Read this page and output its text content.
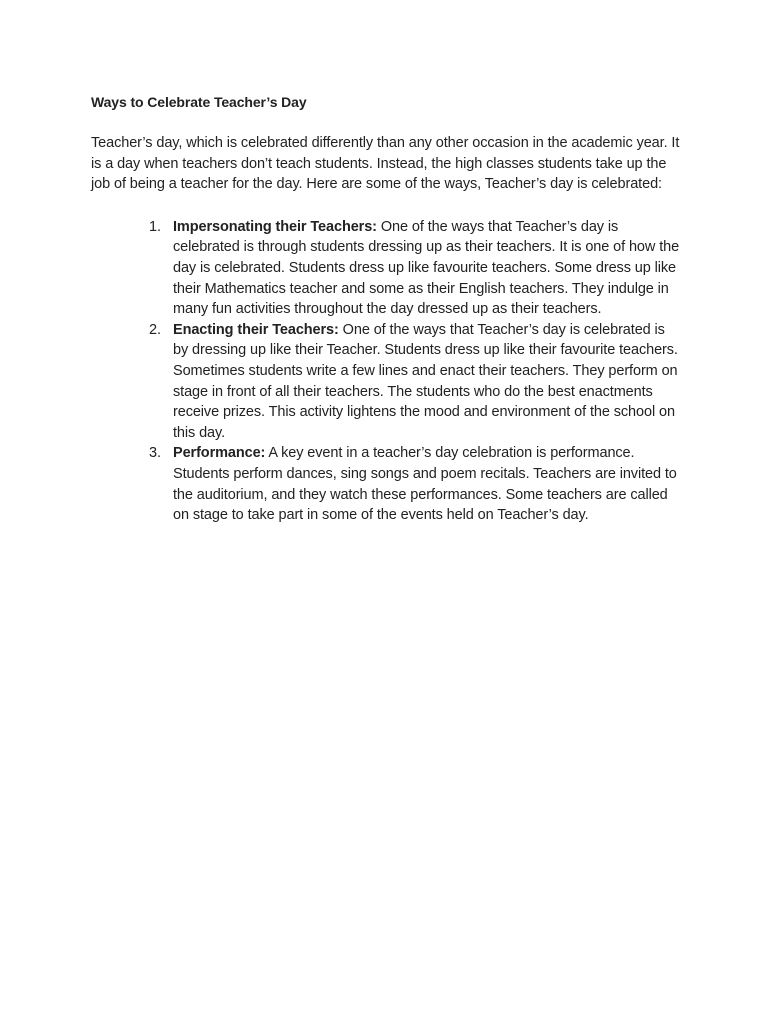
Ways to Celebrate Teacher’s Day

Teacher’s day, which is celebrated differently than any other occasion in the academic year. It is a day when teachers don’t teach students. Instead, the high classes students take up the job of being a teacher for the day. Here are some of the ways, Teacher’s day is celebrated:

1. Impersonating their Teachers: One of the ways that Teacher’s day is celebrated is through students dressing up as their teachers. It is one of how the day is celebrated. Students dress up like favourite teachers. Some dress up like their Mathematics teacher and some as their English teachers. They indulge in many fun activities throughout the day dressed up as their teachers.
2. Enacting their Teachers: One of the ways that Teacher’s day is celebrated is by dressing up like their Teacher. Students dress up like their favourite teachers. Sometimes students write a few lines and enact their teachers. They perform on stage in front of all their teachers. The students who do the best enactments receive prizes. This activity lightens the mood and environment of the school on this day.
3. Performance: A key event in a teacher’s day celebration is performance. Students perform dances, sing songs and poem recitals. Teachers are invited to the auditorium, and they watch these performances. Some teachers are called on stage to take part in some of the events held on Teacher’s day.
